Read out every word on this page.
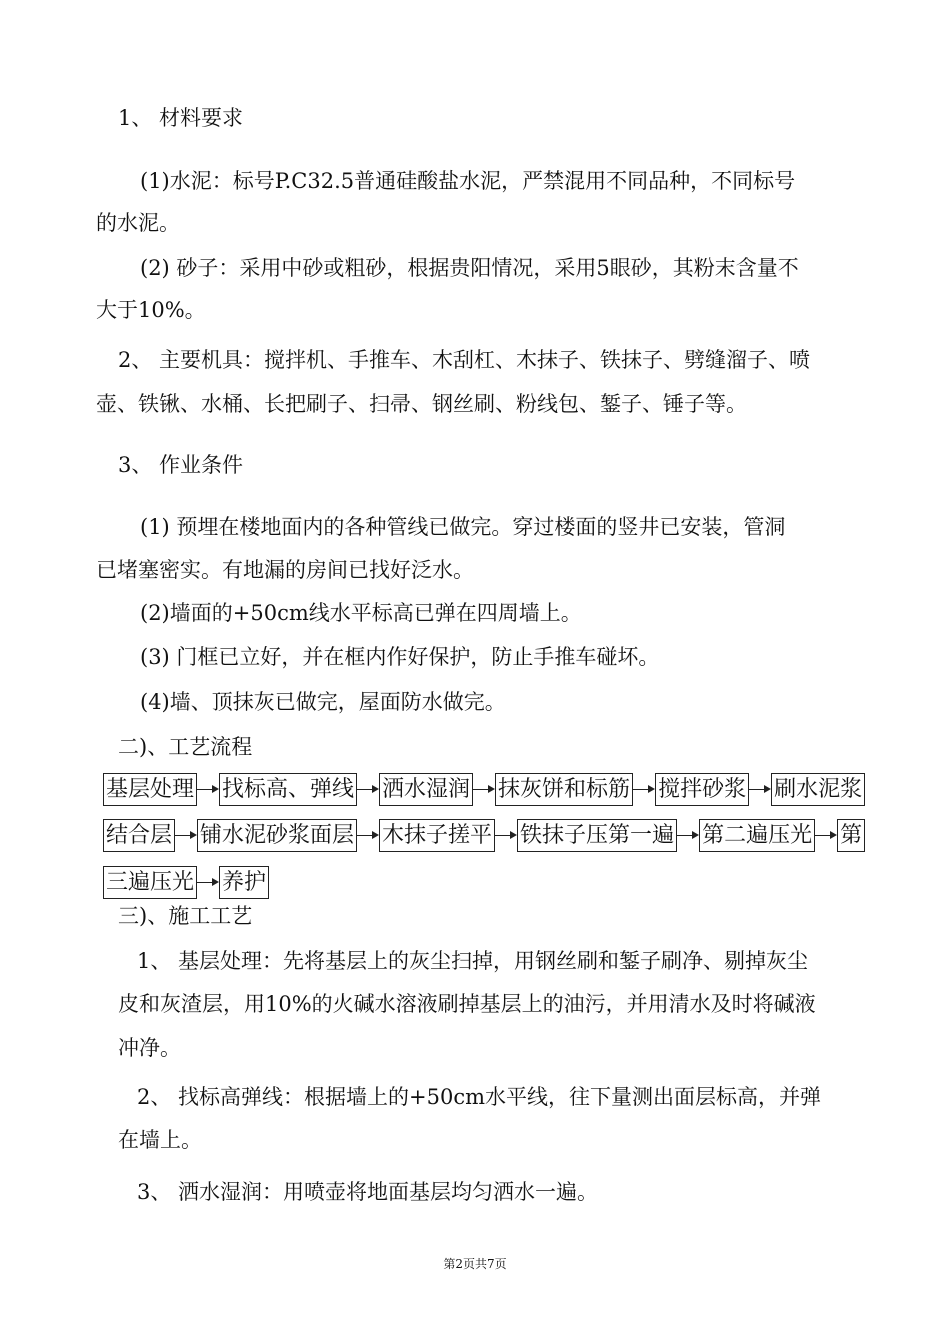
1、 材料要求
(1)水泥：标号P.C32.5普通硅酸盐水泥，严禁混用不同品种，不同标号
的水泥。
(2) 砂子：采用中砂或粗砂，根据贵阳情况，采用5眼砂，其粉末含量不
大于10%。
2、 主要机具：搅拌机、手推车、木刮杠、木抹子、铁抹子、劈缝溜子、喷
壶、铁锹、水桶、长把刷子、扫帚、钢丝刷、粉线包、錾子、锤子等。
3、 作业条件
(1) 预埋在楼地面内的各种管线已做完。穿过楼面的竖井已安装，管洞
已堵塞密实。有地漏的房间已找好泛水。
(2)墙面的+50cm线水平标高已弹在四周墙上。
(3) 门框已立好，并在框内作好保护，防止手推车碰坏。
(4)墙、顶抹灰已做完，屋面防水做完。
二)、工艺流程
基层处理 找标高、弹线 洒水湿润 抹灰饼和标筋 搅拌砂浆 刷水泥浆
结合层 铺水泥砂浆面层 木抹子搓平 铁抹子压第一遍 第二遍压光 第
三遍压光 养护
三)、施工工艺
1、 基层处理：先将基层上的灰尘扫掉，用钢丝刷和錾子刷净、剔掉灰尘
皮和灰渣层，用10%的火碱水溶液刷掉基层上的油污，并用清水及时将碱液
冲净。
2、 找标高弹线：根据墙上的+50cm水平线，往下量测出面层标高，并弹
在墙上。
3、 洒水湿润：用喷壶将地面基层均匀洒水一遍。
第2页共7页
